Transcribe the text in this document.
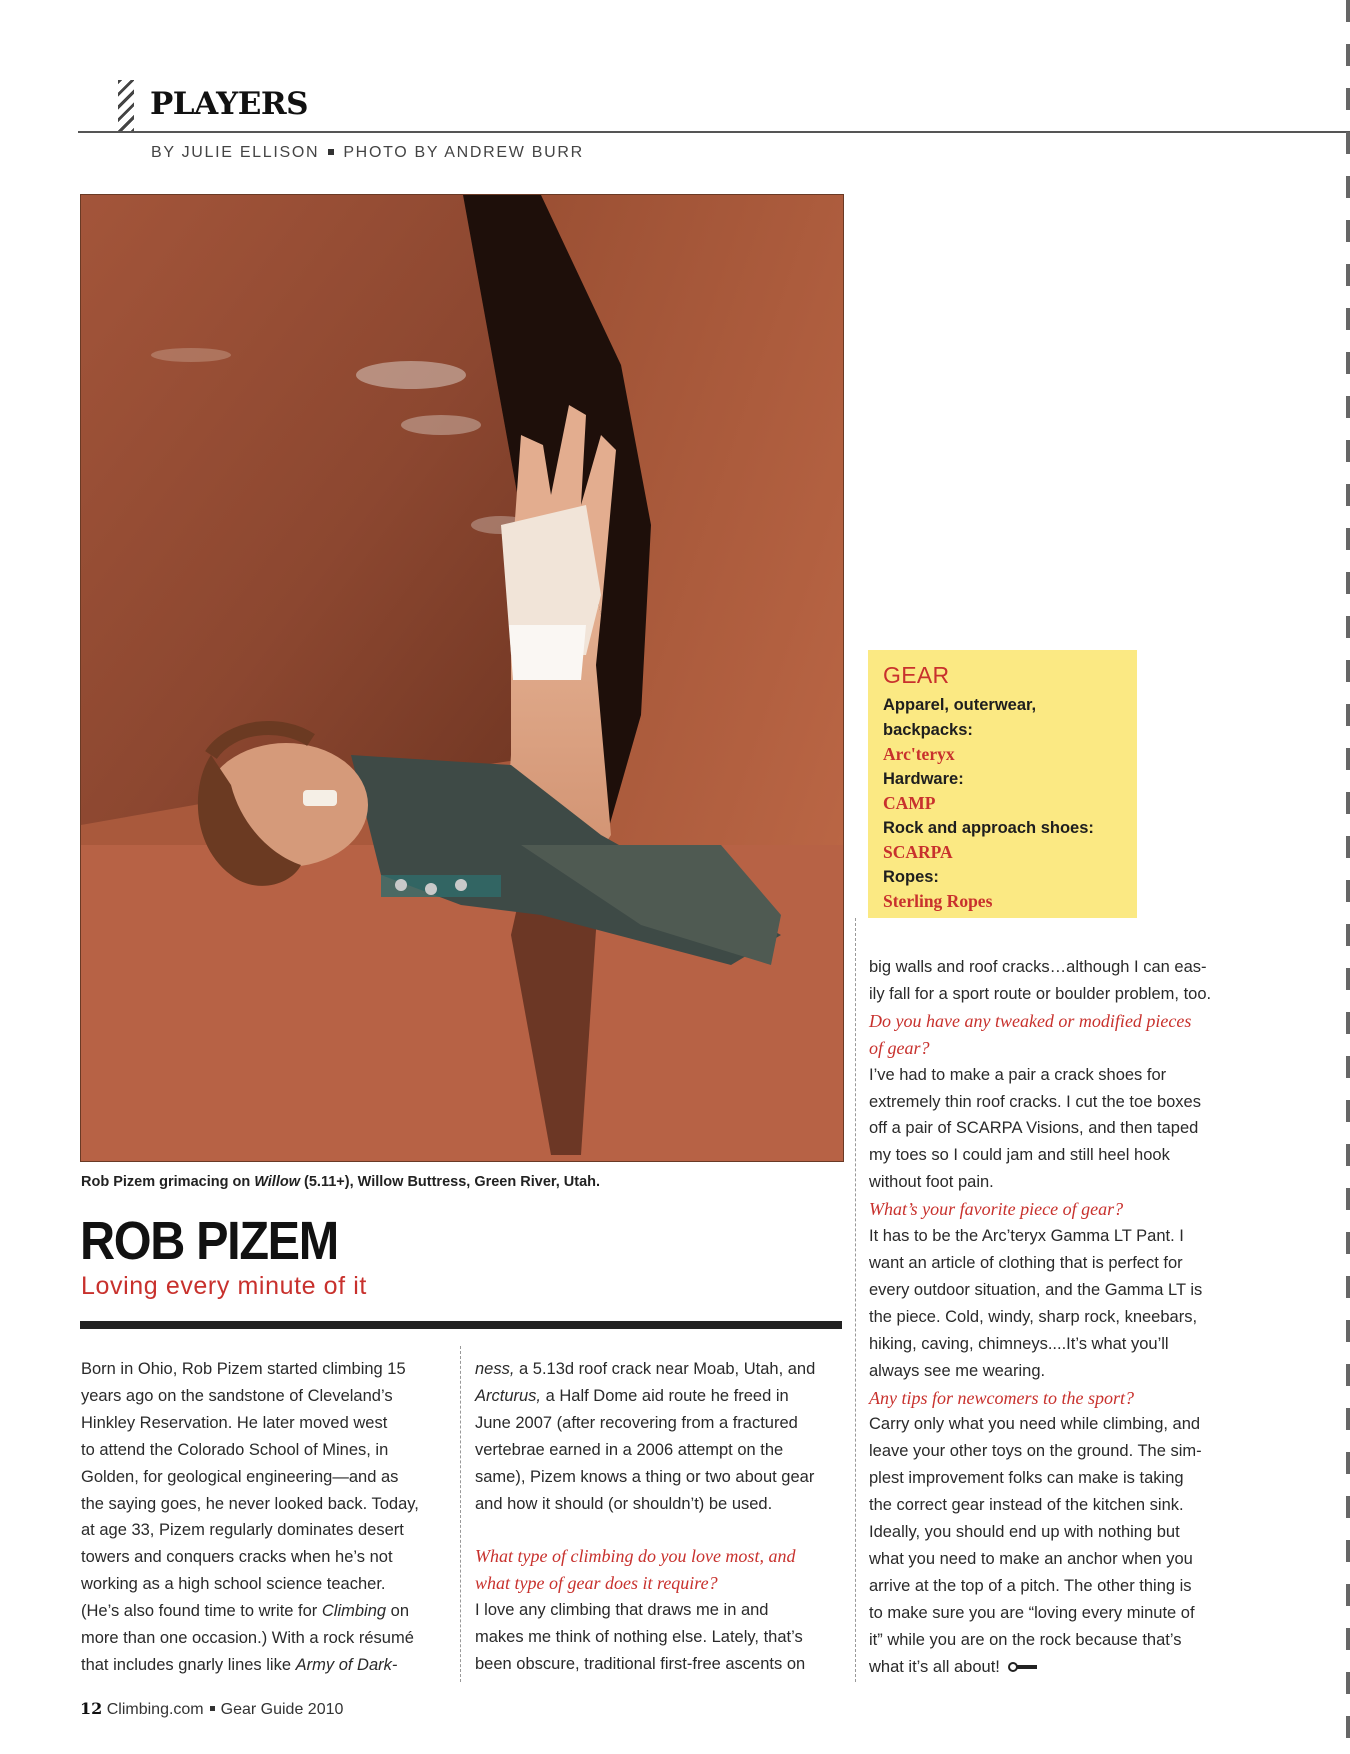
PLAYERS
BY JULIE ELLISON PHOTO BY ANDREW BURR
Rob Pizem grimacing on Willow (5.11+), Willow Buttress, Green River, Utah.
ROB PIZEM
Loving every minute of it

Born in Ohio, Rob Pizem started climbing 15

years ago on the sandstone of Cleveland’s

Hinkley Reservation. He later moved west

to attend the Colorado School of Mines, in

Golden, for geological engineering—and as

the saying goes, he never looked back. Today,

at age 33, Pizem regularly dominates desert

towers and conquers cracks when he’s not

working as a high school science teacher.

(He’s also found time to write for Climbing on

more than one occasion.) With a rock résumé

that includes gnarly lines like Army of Dark-

ness, a 5.13d roof crack near Moab, Utah, and

Arcturus, a Half Dome aid route he freed in

June 2007 (after recovering from a fractured

vertebrae earned in a 2006 attempt on the

same), Pizem knows a thing or two about gear

and how it should (or shouldn’t) be used.

What type of climbing do you love most, and

what type of gear does it require?

I love any climbing that draws me in and

makes me think of nothing else. Lately, that’s

been obscure, traditional first-free ascents on

GEAR
Apparel, outerwear,
backpacks:
Arc'teryx
Hardware:
CAMP
Rock and approach shoes:
SCARPA
Ropes:
Sterling Ropes

big walls and roof cracks…although I can eas-

ily fall for a sport route or boulder problem, too.

Do you have any tweaked or modified pieces

of gear?

I’ve had to make a pair a crack shoes for

extremely thin roof cracks. I cut the toe boxes

off a pair of SCARPA Visions, and then taped

my toes so I could jam and still heel hook

without foot pain.

What’s your favorite piece of gear?

It has to be the Arc’teryx Gamma LT Pant. I

want an article of clothing that is perfect for

every outdoor situation, and the Gamma LT is

the piece. Cold, windy, sharp rock, kneebars,

hiking, caving, chimneys....It’s what you’ll

always see me wearing.

Any tips for newcomers to the sport?

Carry only what you need while climbing, and

leave your other toys on the ground. The sim-

plest improvement folks can make is taking

the correct gear instead of the kitchen sink.

Ideally, you should end up with nothing but

what you need to make an anchor when you

arrive at the top of a pitch. The other thing is

to make sure you are “loving every minute of

it” while you are on the rock because that’s

what it’s all about!

12 Climbing.com Gear Guide 2010
